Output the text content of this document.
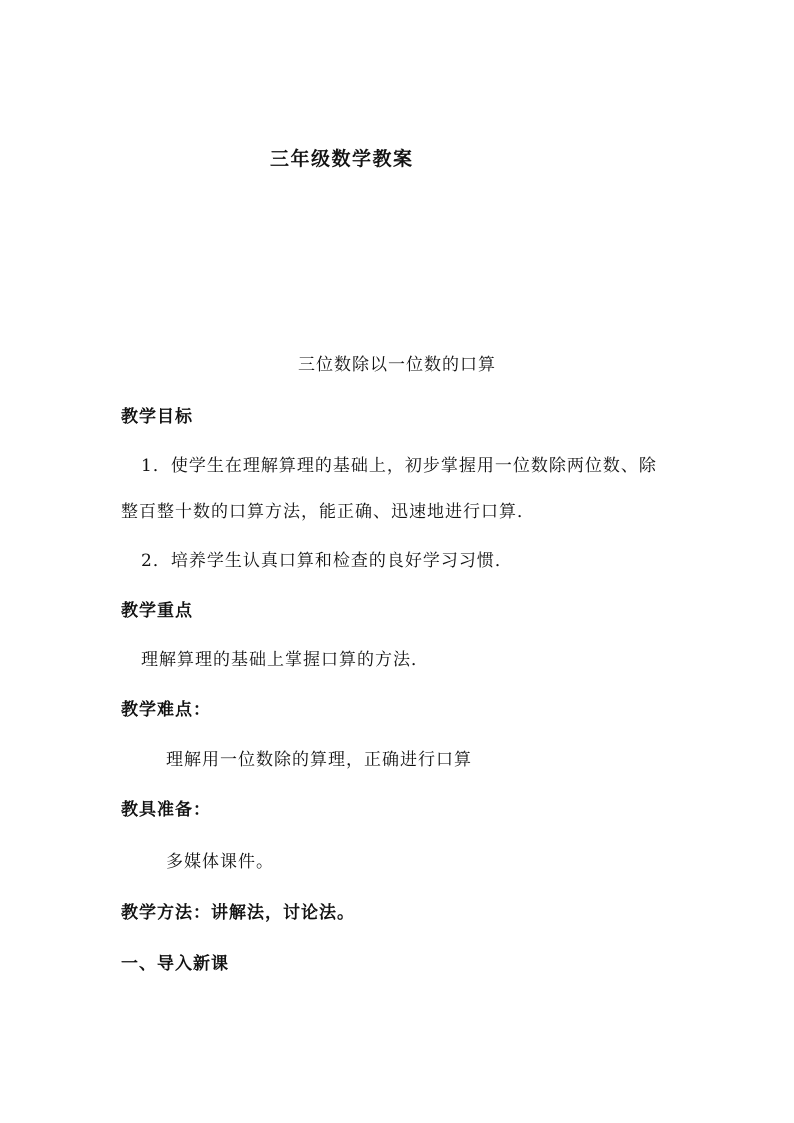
三年级数学教案

三位数除以一位数的口算

教学目标

1．使学生在理解算理的基础上，初步掌握用一位数除两位数、除

整百整十数的口算方法，能正确、迅速地进行口算．

2．培养学生认真口算和检查的良好学习习惯．

教学重点

理解算理的基础上掌握口算的方法．

教学难点：

理解用一位数除的算理，正确进行口算

教具准备：

多媒体课件。

教学方法：讲解法，讨论法。

一、导入新课
